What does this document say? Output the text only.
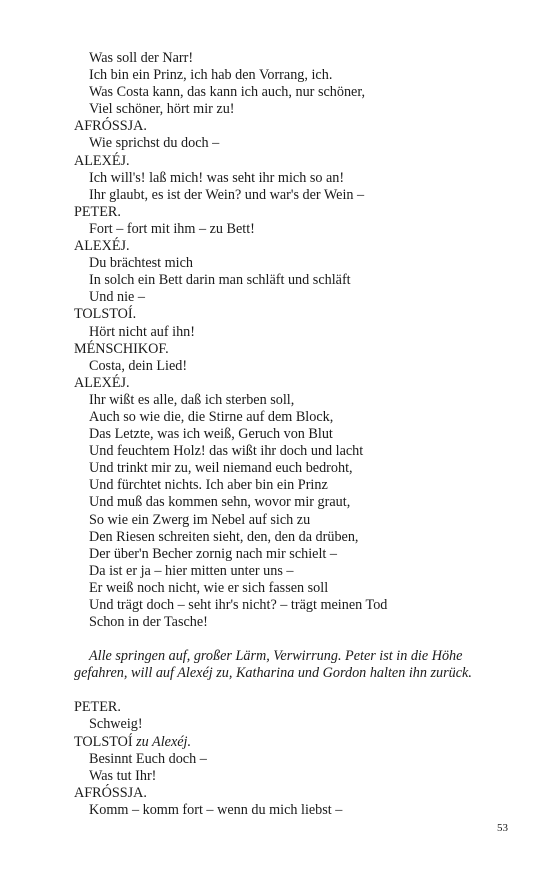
Was soll der Narr!
Ich bin ein Prinz, ich hab den Vorrang, ich.
Was Costa kann, das kann ich auch, nur schöner,
Viel schöner, hört mir zu!
AFRÓSSJA.
Wie sprichst du doch –
ALEXÉJ.
Ich will's! laß mich! was seht ihr mich so an!
Ihr glaubt, es ist der Wein? und war's der Wein –
PETER.
Fort – fort mit ihm – zu Bett!
ALEXÉJ.
Du brächtest mich
In solch ein Bett darin man schläft und schläft
Und nie –
TOLSTOÍ.
Hört nicht auf ihn!
MÉNSCHIKOF.
Costa, dein Lied!
ALEXÉJ.
Ihr wißt es alle, daß ich sterben soll,
Auch so wie die, die Stirne auf dem Block,
Das Letzte, was ich weiß, Geruch von Blut
Und feuchtem Holz! das wißt ihr doch und lacht
Und trinkt mir zu, weil niemand euch bedroht,
Und fürchtet nichts. Ich aber bin ein Prinz
Und muß das kommen sehn, wovor mir graut,
So wie ein Zwerg im Nebel auf sich zu
Den Riesen schreiten sieht, den, den da drüben,
Der über'n Becher zornig nach mir schielt –
Da ist er ja – hier mitten unter uns –
Er weiß noch nicht, wie er sich fassen soll
Und trägt doch – seht ihr's nicht? – trägt meinen Tod
Schon in der Tasche!
Alle springen auf, großer Lärm, Verwirrung. Peter ist in die Höhe
gefahren, will auf Alexéj zu, Katharina und Gordon halten ihn zurück.
PETER.
Schweig!
TOLSTOÍ zu Alexéj.
Besinnt Euch doch –
Was tut Ihr!
AFRÓSSJA.
Komm – komm fort – wenn du mich liebst –
53
